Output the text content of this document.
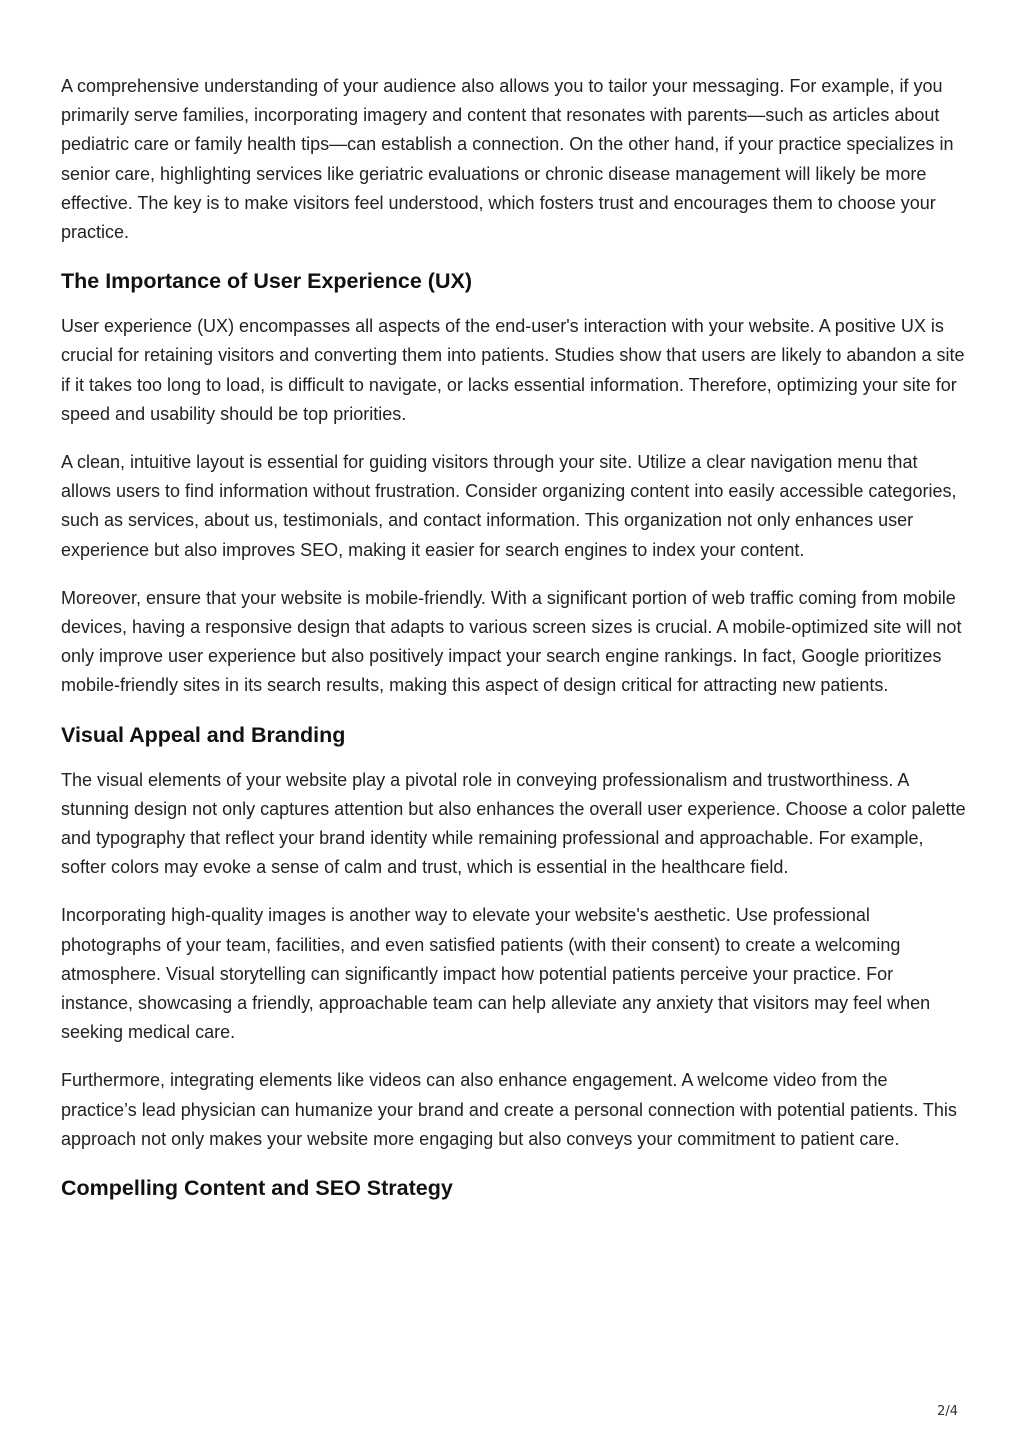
A comprehensive understanding of your audience also allows you to tailor your messaging. For example, if you primarily serve families, incorporating imagery and content that resonates with parents—such as articles about pediatric care or family health tips—can establish a connection. On the other hand, if your practice specializes in senior care, highlighting services like geriatric evaluations or chronic disease management will likely be more effective. The key is to make visitors feel understood, which fosters trust and encourages them to choose your practice.

The Importance of User Experience (UX)

User experience (UX) encompasses all aspects of the end-user's interaction with your website. A positive UX is crucial for retaining visitors and converting them into patients. Studies show that users are likely to abandon a site if it takes too long to load, is difficult to navigate, or lacks essential information. Therefore, optimizing your site for speed and usability should be top priorities.

A clean, intuitive layout is essential for guiding visitors through your site. Utilize a clear navigation menu that allows users to find information without frustration. Consider organizing content into easily accessible categories, such as services, about us, testimonials, and contact information. This organization not only enhances user experience but also improves SEO, making it easier for search engines to index your content.

Moreover, ensure that your website is mobile-friendly. With a significant portion of web traffic coming from mobile devices, having a responsive design that adapts to various screen sizes is crucial. A mobile-optimized site will not only improve user experience but also positively impact your search engine rankings. In fact, Google prioritizes mobile-friendly sites in its search results, making this aspect of design critical for attracting new patients.

Visual Appeal and Branding

The visual elements of your website play a pivotal role in conveying professionalism and trustworthiness. A stunning design not only captures attention but also enhances the overall user experience. Choose a color palette and typography that reflect your brand identity while remaining professional and approachable. For example, softer colors may evoke a sense of calm and trust, which is essential in the healthcare field.

Incorporating high-quality images is another way to elevate your website's aesthetic. Use professional photographs of your team, facilities, and even satisfied patients (with their consent) to create a welcoming atmosphere. Visual storytelling can significantly impact how potential patients perceive your practice. For instance, showcasing a friendly, approachable team can help alleviate any anxiety that visitors may feel when seeking medical care.

Furthermore, integrating elements like videos can also enhance engagement. A welcome video from the practice’s lead physician can humanize your brand and create a personal connection with potential patients. This approach not only makes your website more engaging but also conveys your commitment to patient care.

Compelling Content and SEO Strategy
2/4
